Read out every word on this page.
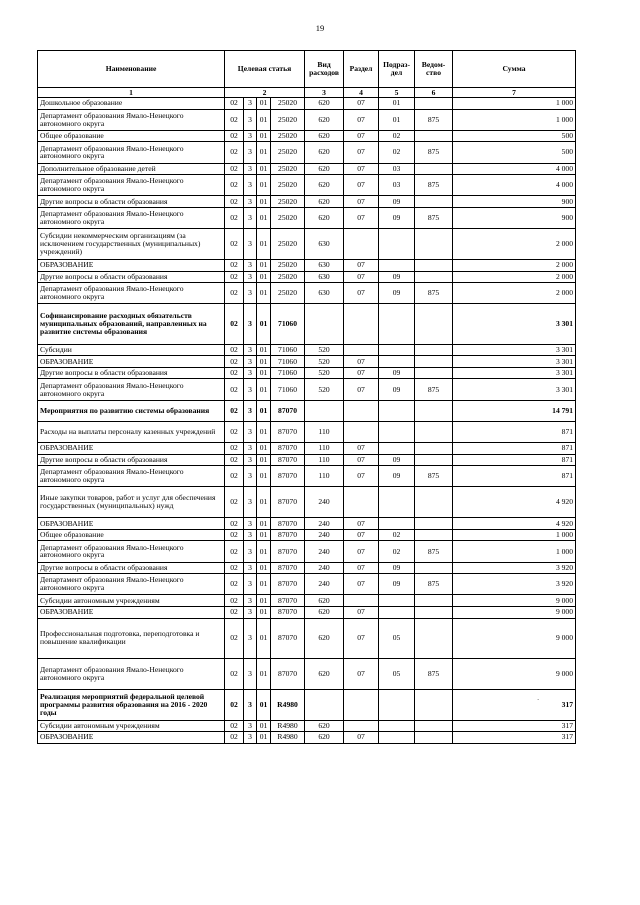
19
Наименование	Целевая статья				Вид расходов	Раздел	Подраз-дел	Ведом-ство	Сумма
1	2				3	4	5	6	7
Дошкольное образование	02	3	01	25020	620	07	01		1 000
Департамент образования Ямало-Ненецкого автономного округа	02	3	01	25020	620	07	01	875	1 000
Общее образование	02	3	01	25020	620	07	02		500
Департамент образования Ямало-Ненецкого автономного округа	02	3	01	25020	620	07	02	875	500
Дополнительное образование детей	02	3	01	25020	620	07	03		4 000
Департамент образования Ямало-Ненецкого автономного округа	02	3	01	25020	620	07	03	875	4 000
Другие вопросы в области образования	02	3	01	25020	620	07	09		900
Департамент образования Ямало-Ненецкого автономного округа	02	3	01	25020	620	07	09	875	900
Субсидии некоммерческим организациям (за исключением государственных (муниципальных) учреждений)	02	3	01	25020	630				2 000
ОБРАЗОВАНИЕ	02	3	01	25020	630	07			2 000
Другие вопросы в области образования	02	3	01	25020	630	07	09		2 000
Департамент образования Ямало-Ненецкого автономного округа	02	3	01	25020	630	07	09	875	2 000
Софинансирование расходных обязательств муниципальных образований, направленных на развитие системы образования	02	3	01	71060					3 301
Субсидии	02	3	01	71060	520				3 301
ОБРАЗОВАНИЕ	02	3	01	71060	520	07			3 301
Другие вопросы в области образования	02	3	01	71060	520	07	09		3 301
Департамент образования Ямало-Ненецкого автономного округа	02	3	01	71060	520	07	09	875	3 301
Мероприятия по развитию системы образования	02	3	01	87070					14 791
Расходы на выплаты персоналу казенных учреждений	02	3	01	87070	110				871
ОБРАЗОВАНИЕ	02	3	01	87070	110	07			871
Другие вопросы в области образования	02	3	01	87070	110	07	09		871
Департамент образования Ямало-Ненецкого автономного округа	02	3	01	87070	110	07	09	875	871
Иные закупки товаров, работ и услуг для обеспечения государственных (муниципальных) нужд	02	3	01	87070	240				4 920
ОБРАЗОВАНИЕ	02	3	01	87070	240	07			4 920
Общее образование	02	3	01	87070	240	07	02		1 000
Департамент образования Ямало-Ненецкого автономного округа	02	3	01	87070	240	07	02	875	1 000
Другие вопросы в области образования	02	3	01	87070	240	07	09		3 920
Департамент образования Ямало-Ненецкого автономного округа	02	3	01	87070	240	07	09	875	3 920
Субсидии автономным учреждениям	02	3	01	87070	620				9 000
ОБРАЗОВАНИЕ	02	3	01	87070	620	07			9 000
Профессиональная подготовка, переподготовка и повышение квалификации	02	3	01	87070	620	07	05		9 000
Департамент образования Ямало-Ненецкого автономного округа	02	3	01	87070	620	07	05	875	9 000
Реализация мероприятий федеральной целевой программы развития образования на 2016 - 2020 годы	02	3	01	R4980					317
Субсидии автономным учреждениям	02	3	01	R4980	620				317
ОБРАЗОВАНИЕ	02	3	01	R4980	620	07			317
`
